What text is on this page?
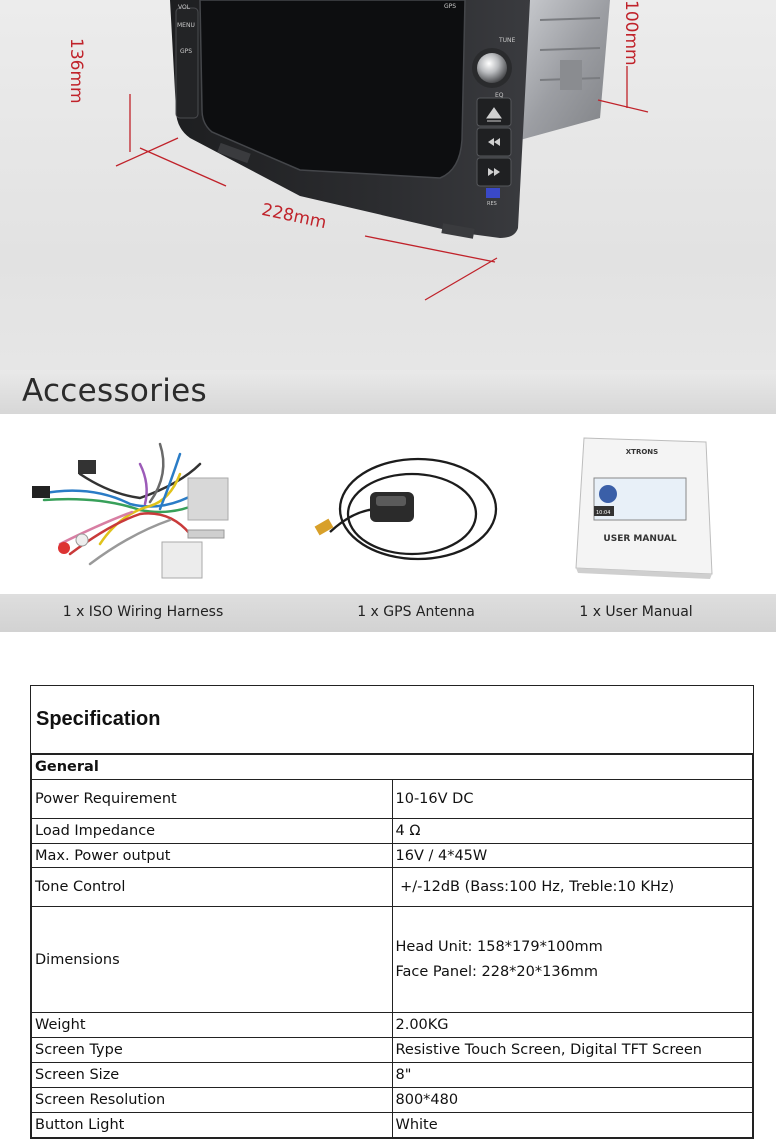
VOL
MENU
GPS
GPS
TUNE
EQ
RES
136mm
100mm
228mm
Accessories
10:04
XTRONS
USER MANUAL
1 x ISO Wiring Harness	1 x GPS Antenna	1 x User Manual
Specification
General	
Power Requirement	10-16V DC
Load Impedance	4 Ω
Max. Power output	16V / 4*45W
Tone Control	+/-12dB (Bass:100 Hz, Treble:10 KHz)
Dimensions	Head Unit: 158*179*100mm
Face Panel: 228*20*136mm

Weight	2.00KG
Screen Type	Resistive Touch Screen, Digital TFT Screen
Screen Size	8"
Screen Resolution	800*480
Button Light	White
